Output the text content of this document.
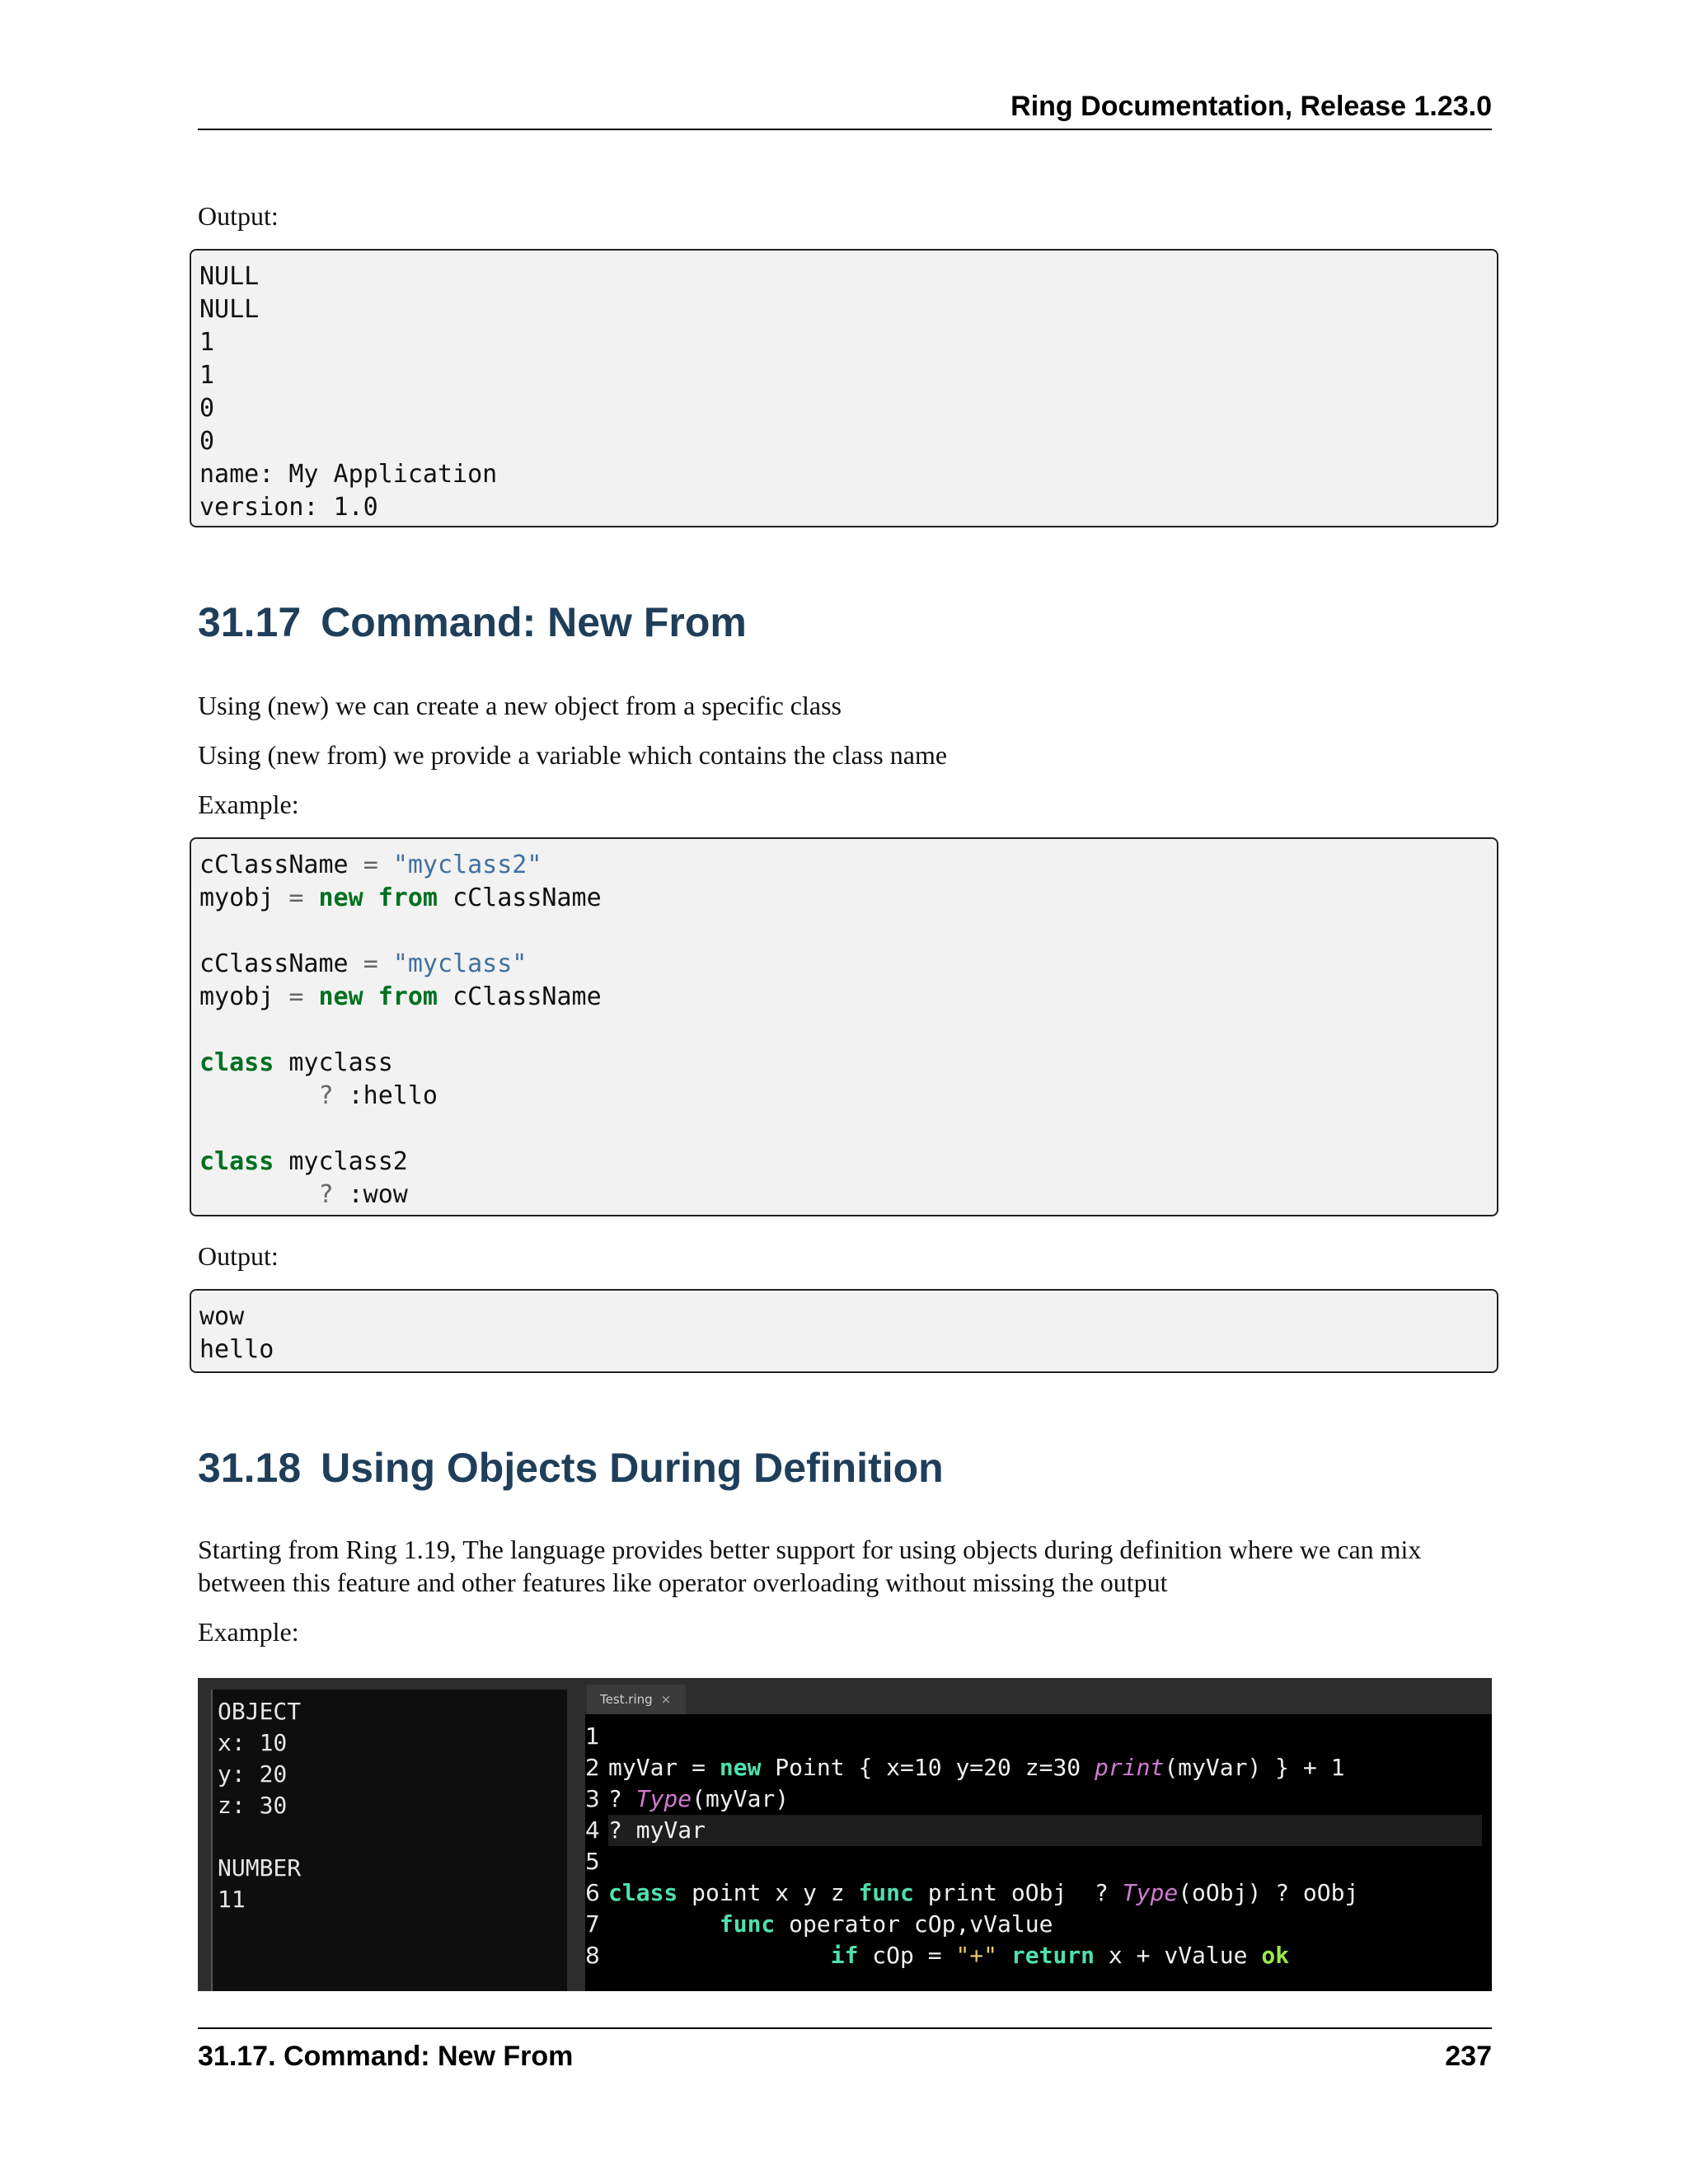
Ring Documentation, Release 1.23.0
Output:
NULL
NULL
1
1
0
0
name: My Application
version: 1.0
31.17 Command: New From
Using (new) we can create a new object from a specific class
Using (new from) we provide a variable which contains the class name
Example:
cClassName = "myclass2"
myobj = new from cClassName

cClassName = "myclass"
myobj = new from cClassName

class myclass
? :hello

class myclass2
? :wow
Output:
wow
hello
31.18 Using Objects During Definition
Starting from Ring 1.19, The language provides better support for using objects during definition where we can mix
between this feature and other features like operator overloading without missing the output
Example:
OBJECT
x: 10
y: 20
z: 30

NUMBER
11
Test.ring ×
1
2 myVar = new Point { x=10 y=20 z=30 print(myVar) } + 1
3 ? Type(myVar)
4 ? myVar
5
6 class point x y z func print oObj  ? Type(oObj) ? oObj
7	func operator cOp,vValue
8	if cOp = "+" return x + vValue ok
31.17. Command: New From	237
